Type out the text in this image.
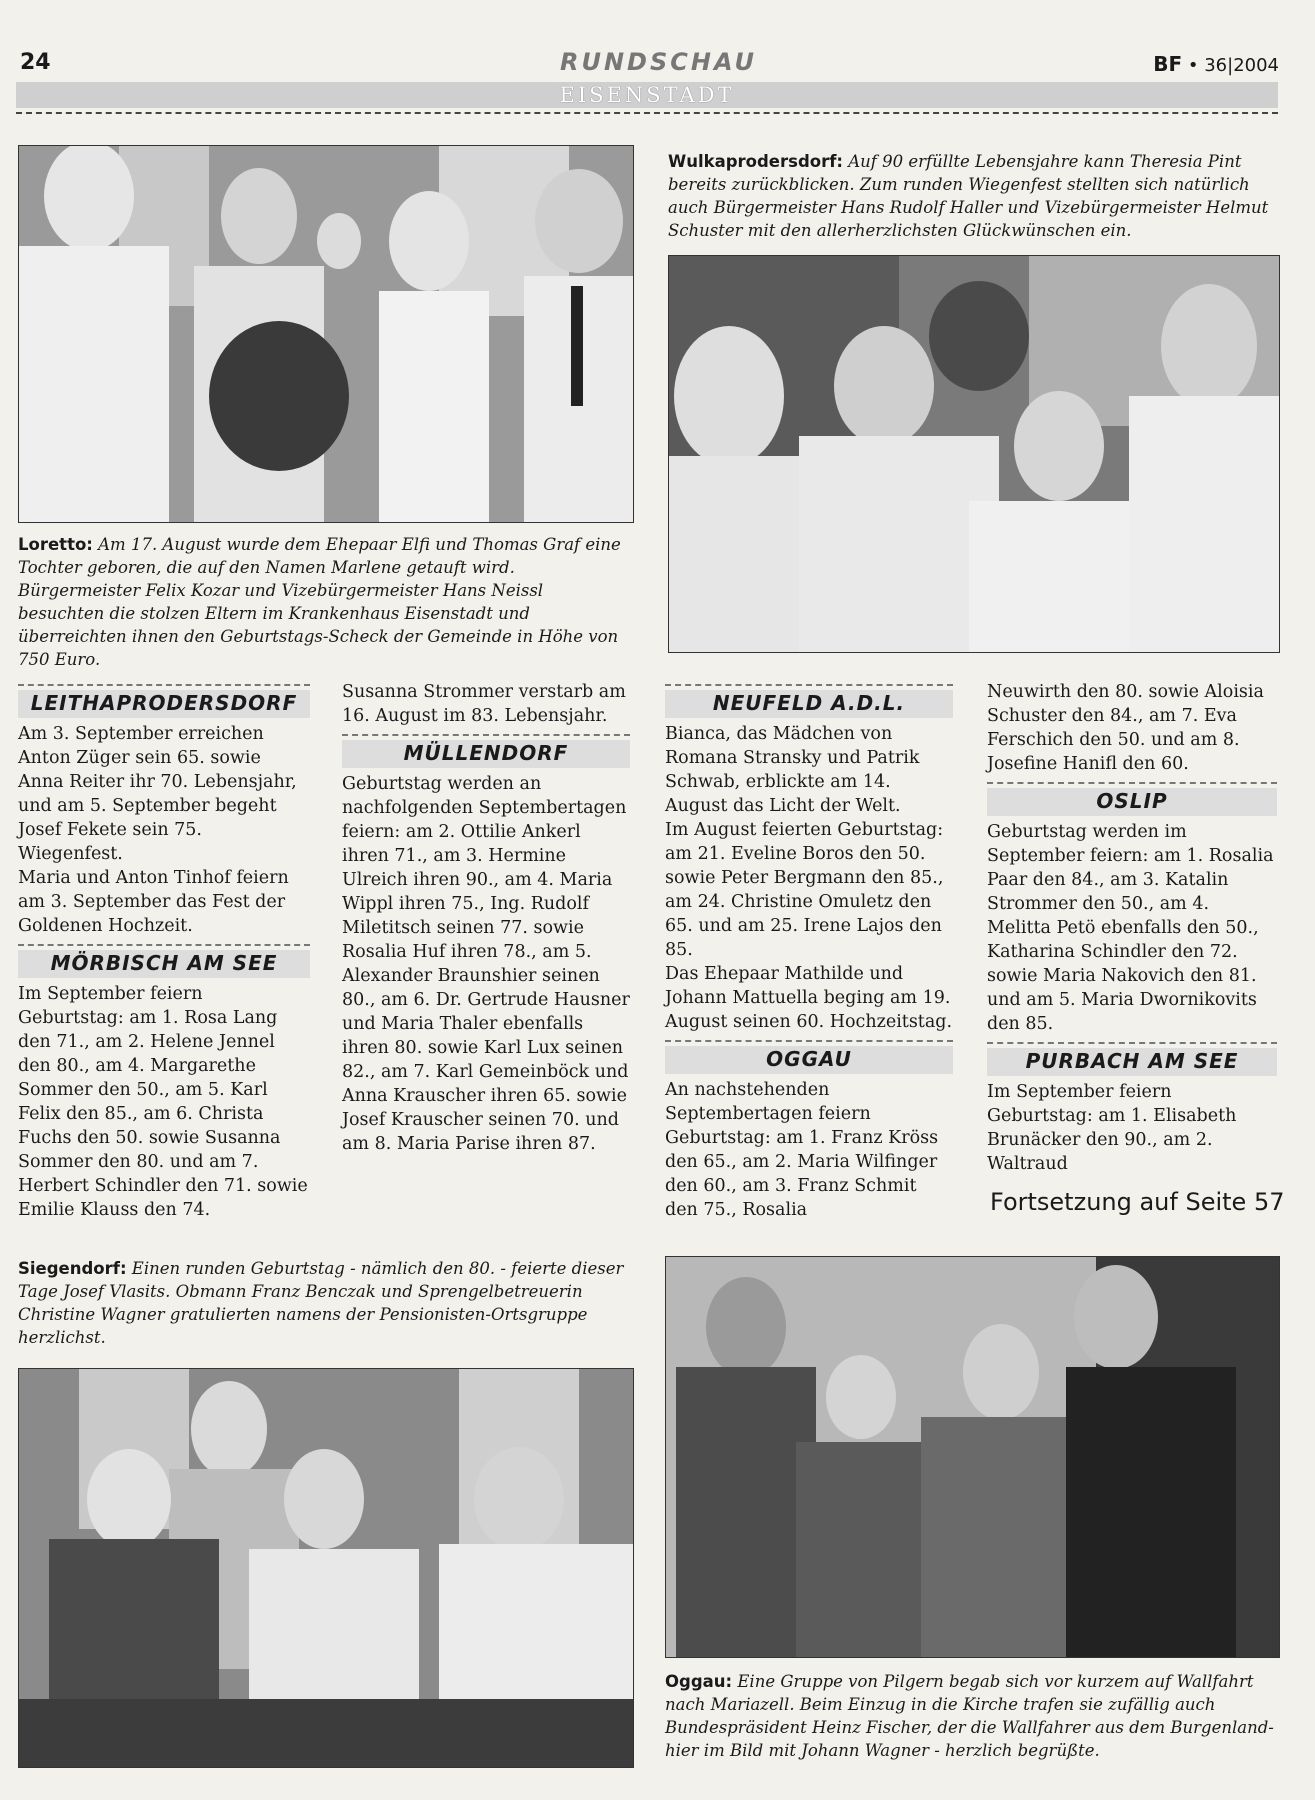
24	RUNDSCHAU	BF • 36|2004
EISENSTADT
Loretto: Am 17. August wurde dem Ehepaar Elfi und Thomas Graf eine Tochter geboren, die auf den Namen Marlene getauft wird. Bürgermeister Felix Kozar und Vizebürgermeister Hans Neissl besuchten die stolzen Eltern im Krankenhaus Eisenstadt und überreichten ihnen den Geburtstags-Scheck der Gemeinde in Höhe von 750 Euro.
Wulkaprodersdorf: Auf 90 erfüllte Lebensjahre kann Theresia Pint bereits zurückblicken. Zum runden Wiegenfest stellten sich natürlich auch Bürgermeister Hans Rudolf Haller und Vizebürgermeister Helmut Schuster mit den allerherzlichsten Glückwünschen ein.
LEITHAPRODERSDORF

Am 3. September erreichen Anton Züger sein 65. sowie Anna Reiter ihr 70. Lebensjahr, und am 5. September begeht Josef Fekete sein 75. Wiegenfest.

Maria und Anton Tinhof feiern am 3. September das Fest der Goldenen Hochzeit.

MÖRBISCH AM SEE

Im September feiern Geburtstag: am 1. Rosa Lang den 71., am 2. Helene Jennel den 80., am 4. Margarethe Sommer den 50., am 5. Karl Felix den 85., am 6. Christa Fuchs den 50. sowie Susanna Sommer den 80. und am 7. Herbert Schindler den 71. sowie Emilie Klauss den 74.

Susanna Strommer verstarb am 16. August im 83. Lebensjahr.

MÜLLENDORF

Geburtstag werden an nachfolgenden Septembertagen feiern: am 2. Ottilie Ankerl ihren 71., am 3. Hermine Ulreich ihren 90., am 4. Maria Wippl ihren 75., Ing. Rudolf Miletitsch seinen 77. sowie Rosalia Huf ihren 78., am 5. Alexander Braunshier seinen 80., am 6. Dr. Gertrude Hausner und Maria Thaler ebenfalls ihren 80. sowie Karl Lux seinen 82., am 7. Karl Gemeinböck und Anna Krauscher ihren 65. sowie Josef Krauscher seinen 70. und am 8. Maria Parise ihren 87.

NEUFELD A.D.L.

Bianca, das Mädchen von Romana Stransky und Patrik Schwab, erblickte am 14. August das Licht der Welt.

Im August feierten Geburtstag: am 21. Eveline Boros den 50. sowie Peter Bergmann den 85., am 24. Christine Omuletz den 65. und am 25. Irene Lajos den 85.

Das Ehepaar Mathilde und Johann Mattuella beging am 19. August seinen 60. Hochzeitstag.

OGGAU

An nachstehenden Septembertagen feiern Geburtstag: am 1. Franz Kröss den 65., am 2. Maria Wilfinger den 60., am 3. Franz Schmit den 75., Rosalia

Neuwirth den 80. sowie Aloisia Schuster den 84., am 7. Eva Ferschich den 50. und am 8. Josefine Hanifl den 60.

OSLIP

Geburtstag werden im September feiern: am 1. Rosalia Paar den 84., am 3. Katalin Strommer den 50., am 4. Melitta Petö ebenfalls den 50., Katharina Schindler den 72. sowie Maria Nakovich den 81. und am 5. Maria Dwornikovits den 85.

PURBACH AM SEE

Im September feiern Geburtstag: am 1. Elisabeth Brunäcker den 90., am 2. Waltraud

Fortsetzung auf Seite 57
Siegendorf: Einen runden Geburtstag - nämlich den 80. - feierte dieser Tage Josef Vlasits. Obmann Franz Benczak und Sprengelbetreuerin Christine Wagner gratulierten namens der Pensionisten-Ortsgruppe herzlichst.
Oggau: Eine Gruppe von Pilgern begab sich vor kurzem auf Wallfahrt nach Mariazell. Beim Einzug in die Kirche trafen sie zufällig auch Bundespräsident Heinz Fischer, der die Wallfahrer aus dem Burgenland- hier im Bild mit Johann Wagner - herzlich begrüßte.
